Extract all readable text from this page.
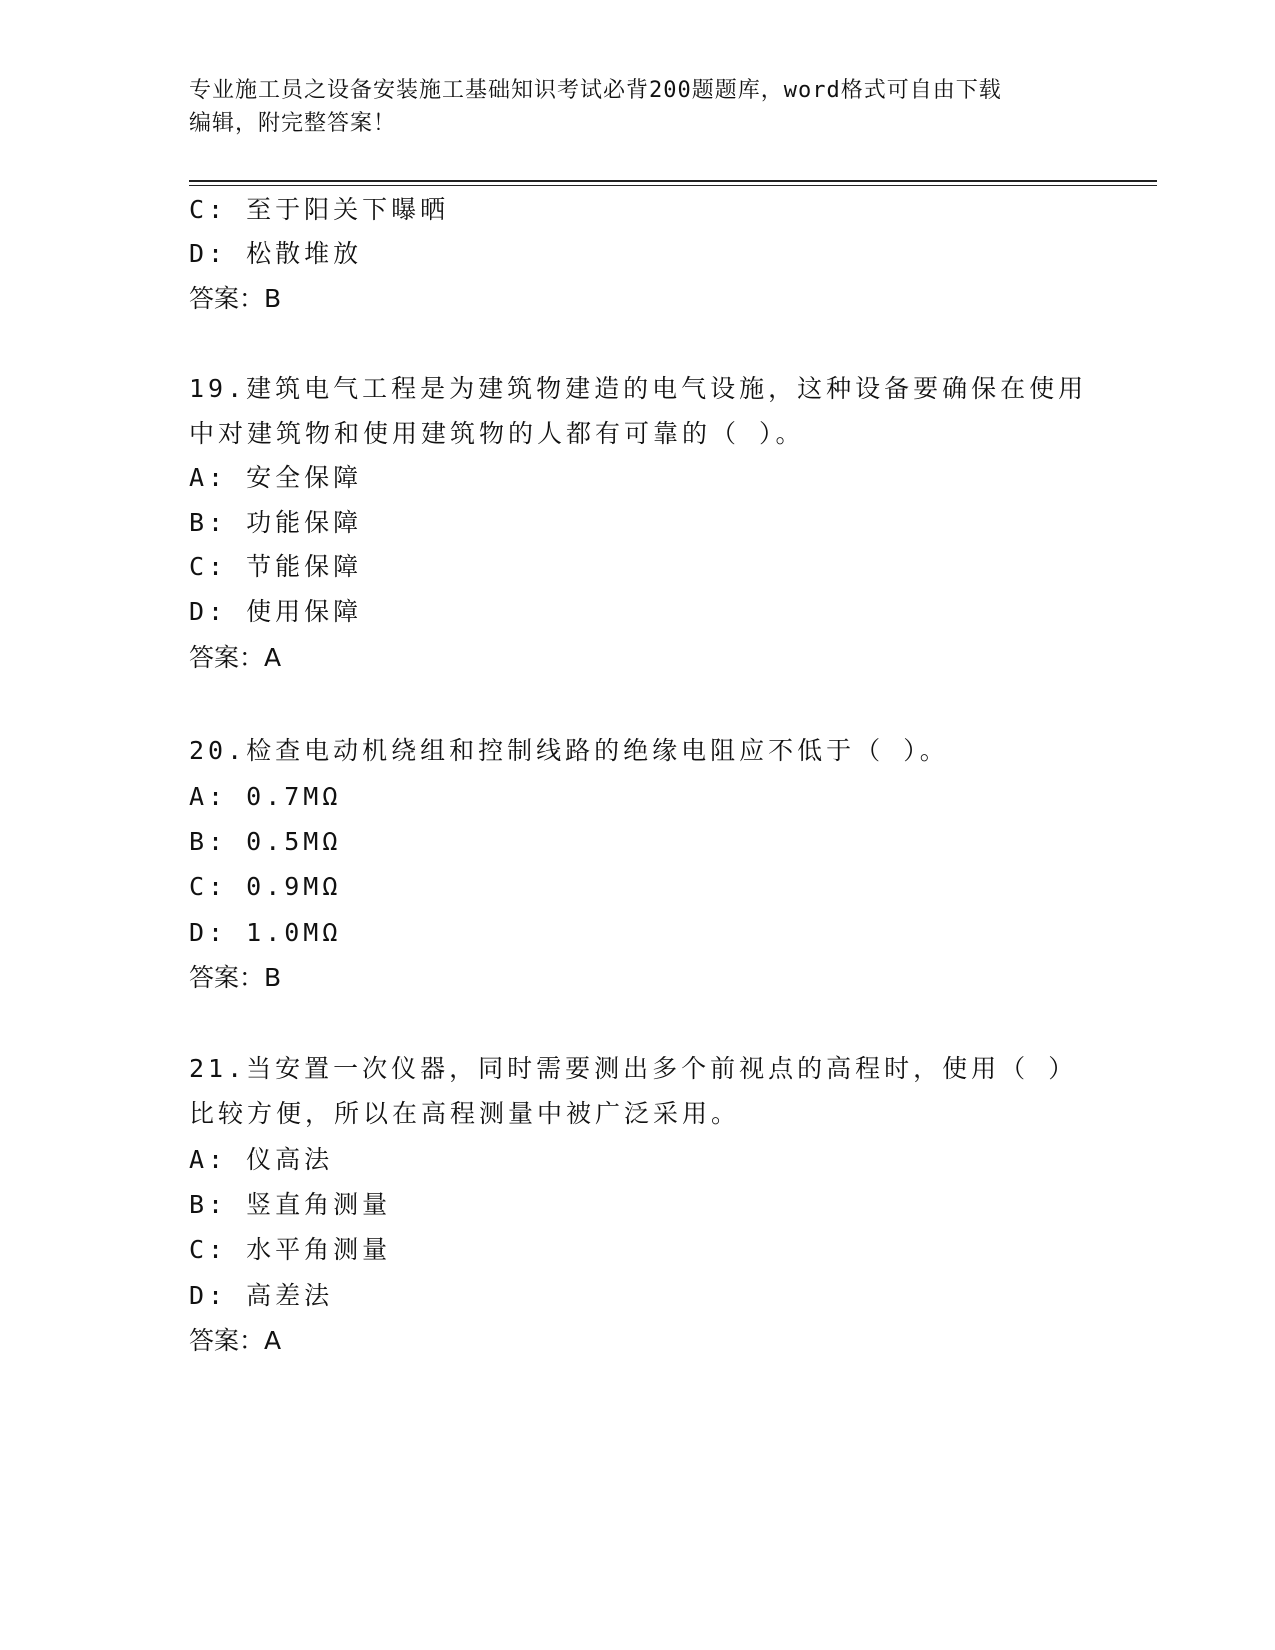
专业施工员之设备安装施工基础知识考试必背200题题库，word格式可自由下载
编辑，附完整答案！
C: 至于阳关下曝晒
D: 松散堆放
答案：B
19.建筑电气工程是为建筑物建造的电气设施，这种设备要确保在使用
中对建筑物和使用建筑物的人都有可靠的（ ）。
A: 安全保障
B: 功能保障
C: 节能保障
D: 使用保障
答案：A
20.检查电动机绕组和控制线路的绝缘电阻应不低于（ ）。
A: 0.7MΩ
B: 0.5MΩ
C: 0.9MΩ
D: 1.0MΩ
答案：B
21.当安置一次仪器，同时需要测出多个前视点的高程时，使用（ ）
比较方便，所以在高程测量中被广泛采用。
A: 仪高法
B: 竖直角测量
C: 水平角测量
D: 高差法
答案：A
